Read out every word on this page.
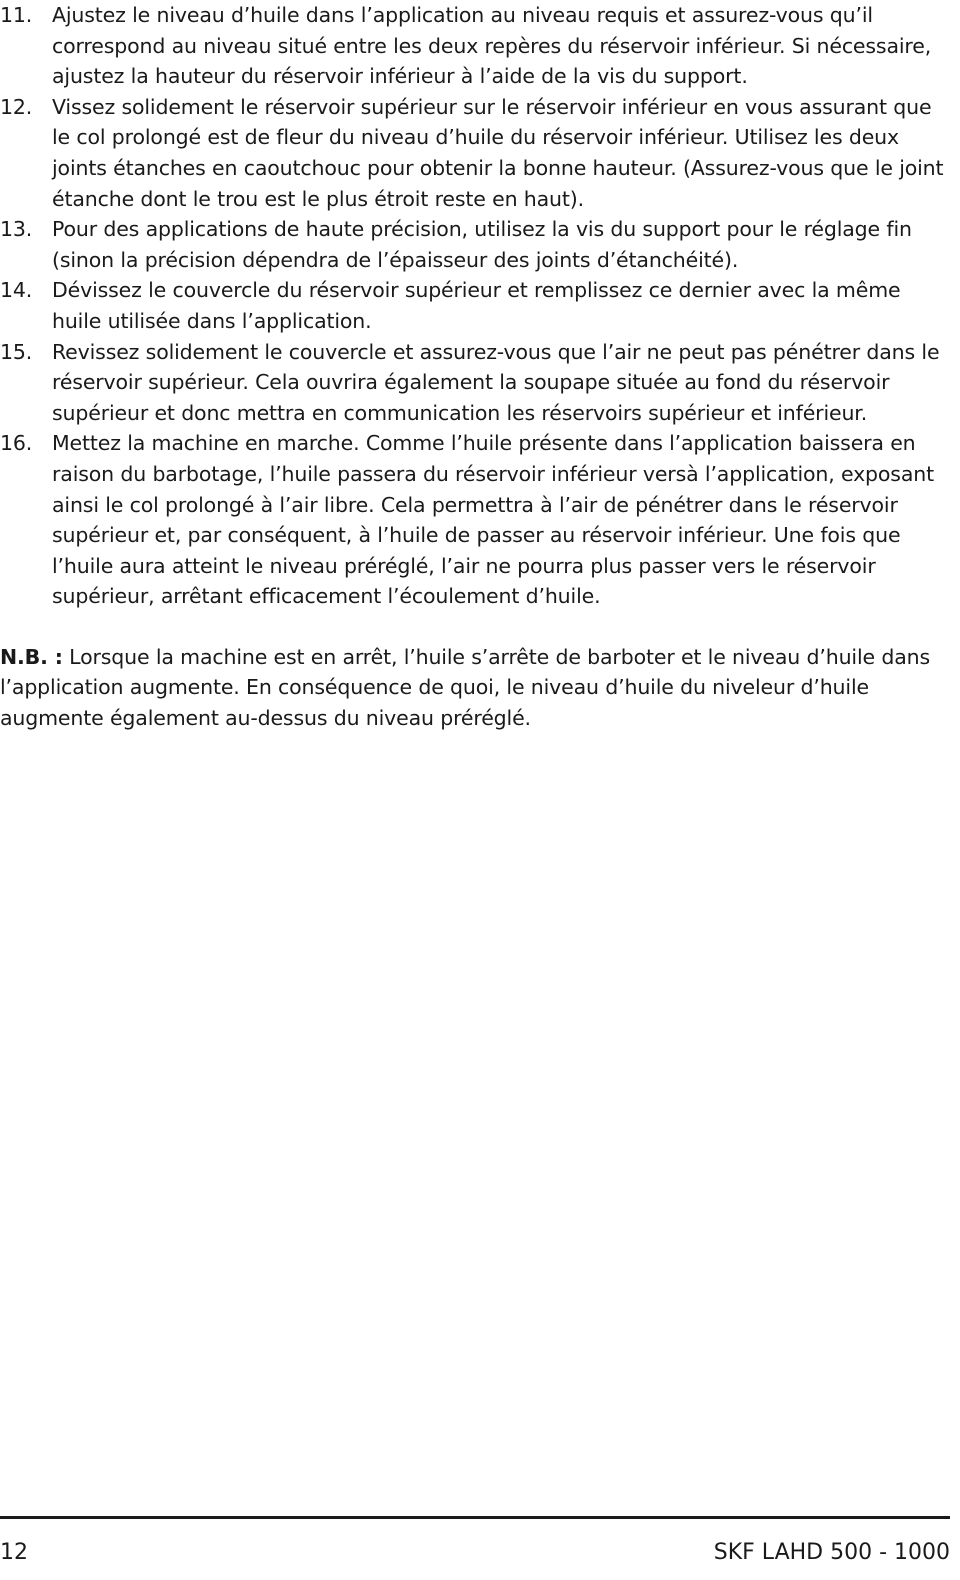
11. Ajustez le niveau d’huile dans l’application au niveau requis et assurez-vous qu’il correspond au niveau situé entre les deux repères du réservoir inférieur. Si nécessaire, ajustez la hauteur du réservoir inférieur à l’aide de la vis du support.
12. Vissez solidement le réservoir supérieur sur le réservoir inférieur en vous assurant que le col prolongé est de fleur du niveau d’huile du réservoir inférieur. Utilisez les deux joints étanches en caoutchouc pour obtenir la bonne hauteur. (Assurez-vous que le joint étanche dont le trou est le plus étroit reste en haut).
13. Pour des applications de haute précision, utilisez la vis du support pour le réglage fin (sinon la précision dépendra de l’épaisseur des joints d’étanchéité).
14. Dévissez le couvercle du réservoir supérieur et remplissez ce dernier avec la même huile utilisée dans l’application.
15. Revissez solidement le couvercle et assurez-vous que l’air ne peut pas pénétrer dans le réservoir supérieur. Cela ouvrira également la soupape située au fond du réservoir supérieur et donc mettra en communication les réservoirs supérieur et inférieur.
16. Mettez la machine en marche. Comme l’huile présente dans l’application baissera en raison du barbotage, l’huile passera du réservoir inférieur versà l’application, exposant ainsi le col prolongé à l’air libre. Cela permettra à l’air de pénétrer dans le réservoir supérieur et, par conséquent, à l’huile de passer au réservoir inférieur. Une fois que l’huile aura atteint le niveau préréglé, l’air ne pourra plus passer vers le réservoir supérieur, arrêtant efficacement l’écoulement d’huile.

N.B. : Lorsque la machine est en arrêt, l’huile s’arrête de barboter et le niveau d’huile dans l’application augmente. En conséquence de quoi, le niveau d’huile du niveleur d’huile augmente également au-dessus du niveau préréglé.

12	SKF LAHD 500 - 1000
